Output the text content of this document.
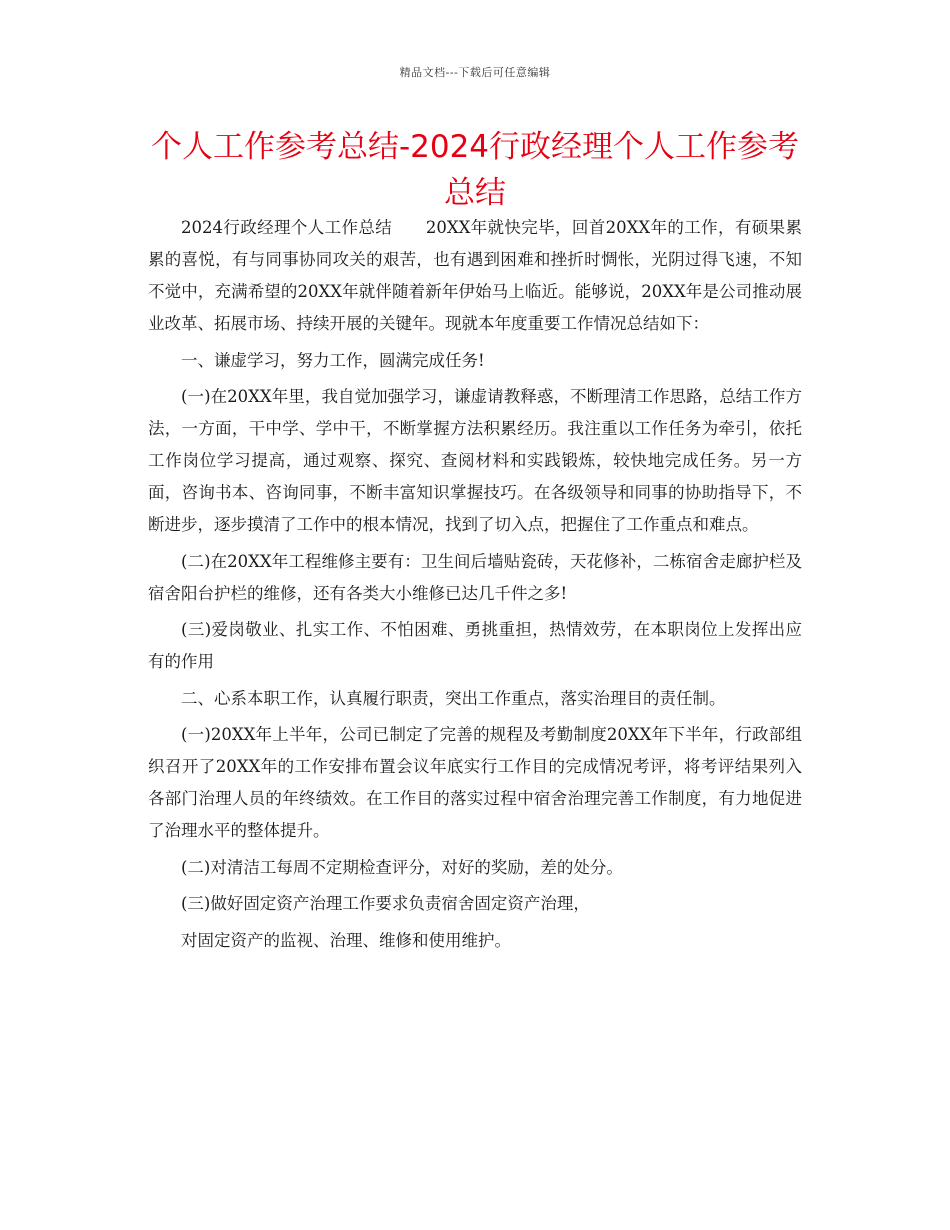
精品文档---下载后可任意编辑
个人工作参考总结-2024行政经理个人工作参考总结

2024行政经理个人工作总结　　20XX年就快完毕，回首20XX年的工作，有硕果累累的喜悦，有与同事协同攻关的艰苦，也有遇到困难和挫折时惆怅，光阴过得飞速，不知不觉中，充满希望的20XX年就伴随着新年伊始马上临近。能够说，20XX年是公司推动展业改革、拓展市场、持续开展的关键年。现就本年度重要工作情况总结如下：

一、谦虚学习，努力工作，圆满完成任务!

(一)在20XX年里，我自觉加强学习，谦虚请教释惑，不断理清工作思路，总结工作方法，一方面，干中学、学中干，不断掌握方法积累经历。我注重以工作任务为牵引，依托工作岗位学习提高，通过观察、探究、查阅材料和实践锻炼，较快地完成任务。另一方面，咨询书本、咨询同事，不断丰富知识掌握技巧。在各级领导和同事的协助指导下，不断进步，逐步摸清了工作中的根本情况，找到了切入点，把握住了工作重点和难点。

(二)在20XX年工程维修主要有：卫生间后墙贴瓷砖，天花修补，二栋宿舍走廊护栏及宿舍阳台护栏的维修，还有各类大小维修已达几千件之多!

(三)爱岗敬业、扎实工作、不怕困难、勇挑重担，热情效劳，在本职岗位上发挥出应有的作用

二、心系本职工作，认真履行职责，突出工作重点，落实治理目的责任制。

(一)20XX年上半年，公司已制定了完善的规程及考勤制度20XX年下半年，行政部组织召开了20XX年的工作安排布置会议年底实行工作目的完成情况考评，将考评结果列入各部门治理人员的年终绩效。在工作目的落实过程中宿舍治理完善工作制度，有力地促进了治理水平的整体提升。

(二)对清洁工每周不定期检查评分，对好的奖励，差的处分。

(三)做好固定资产治理工作要求负责宿舍固定资产治理，

对固定资产的监视、治理、维修和使用维护。
